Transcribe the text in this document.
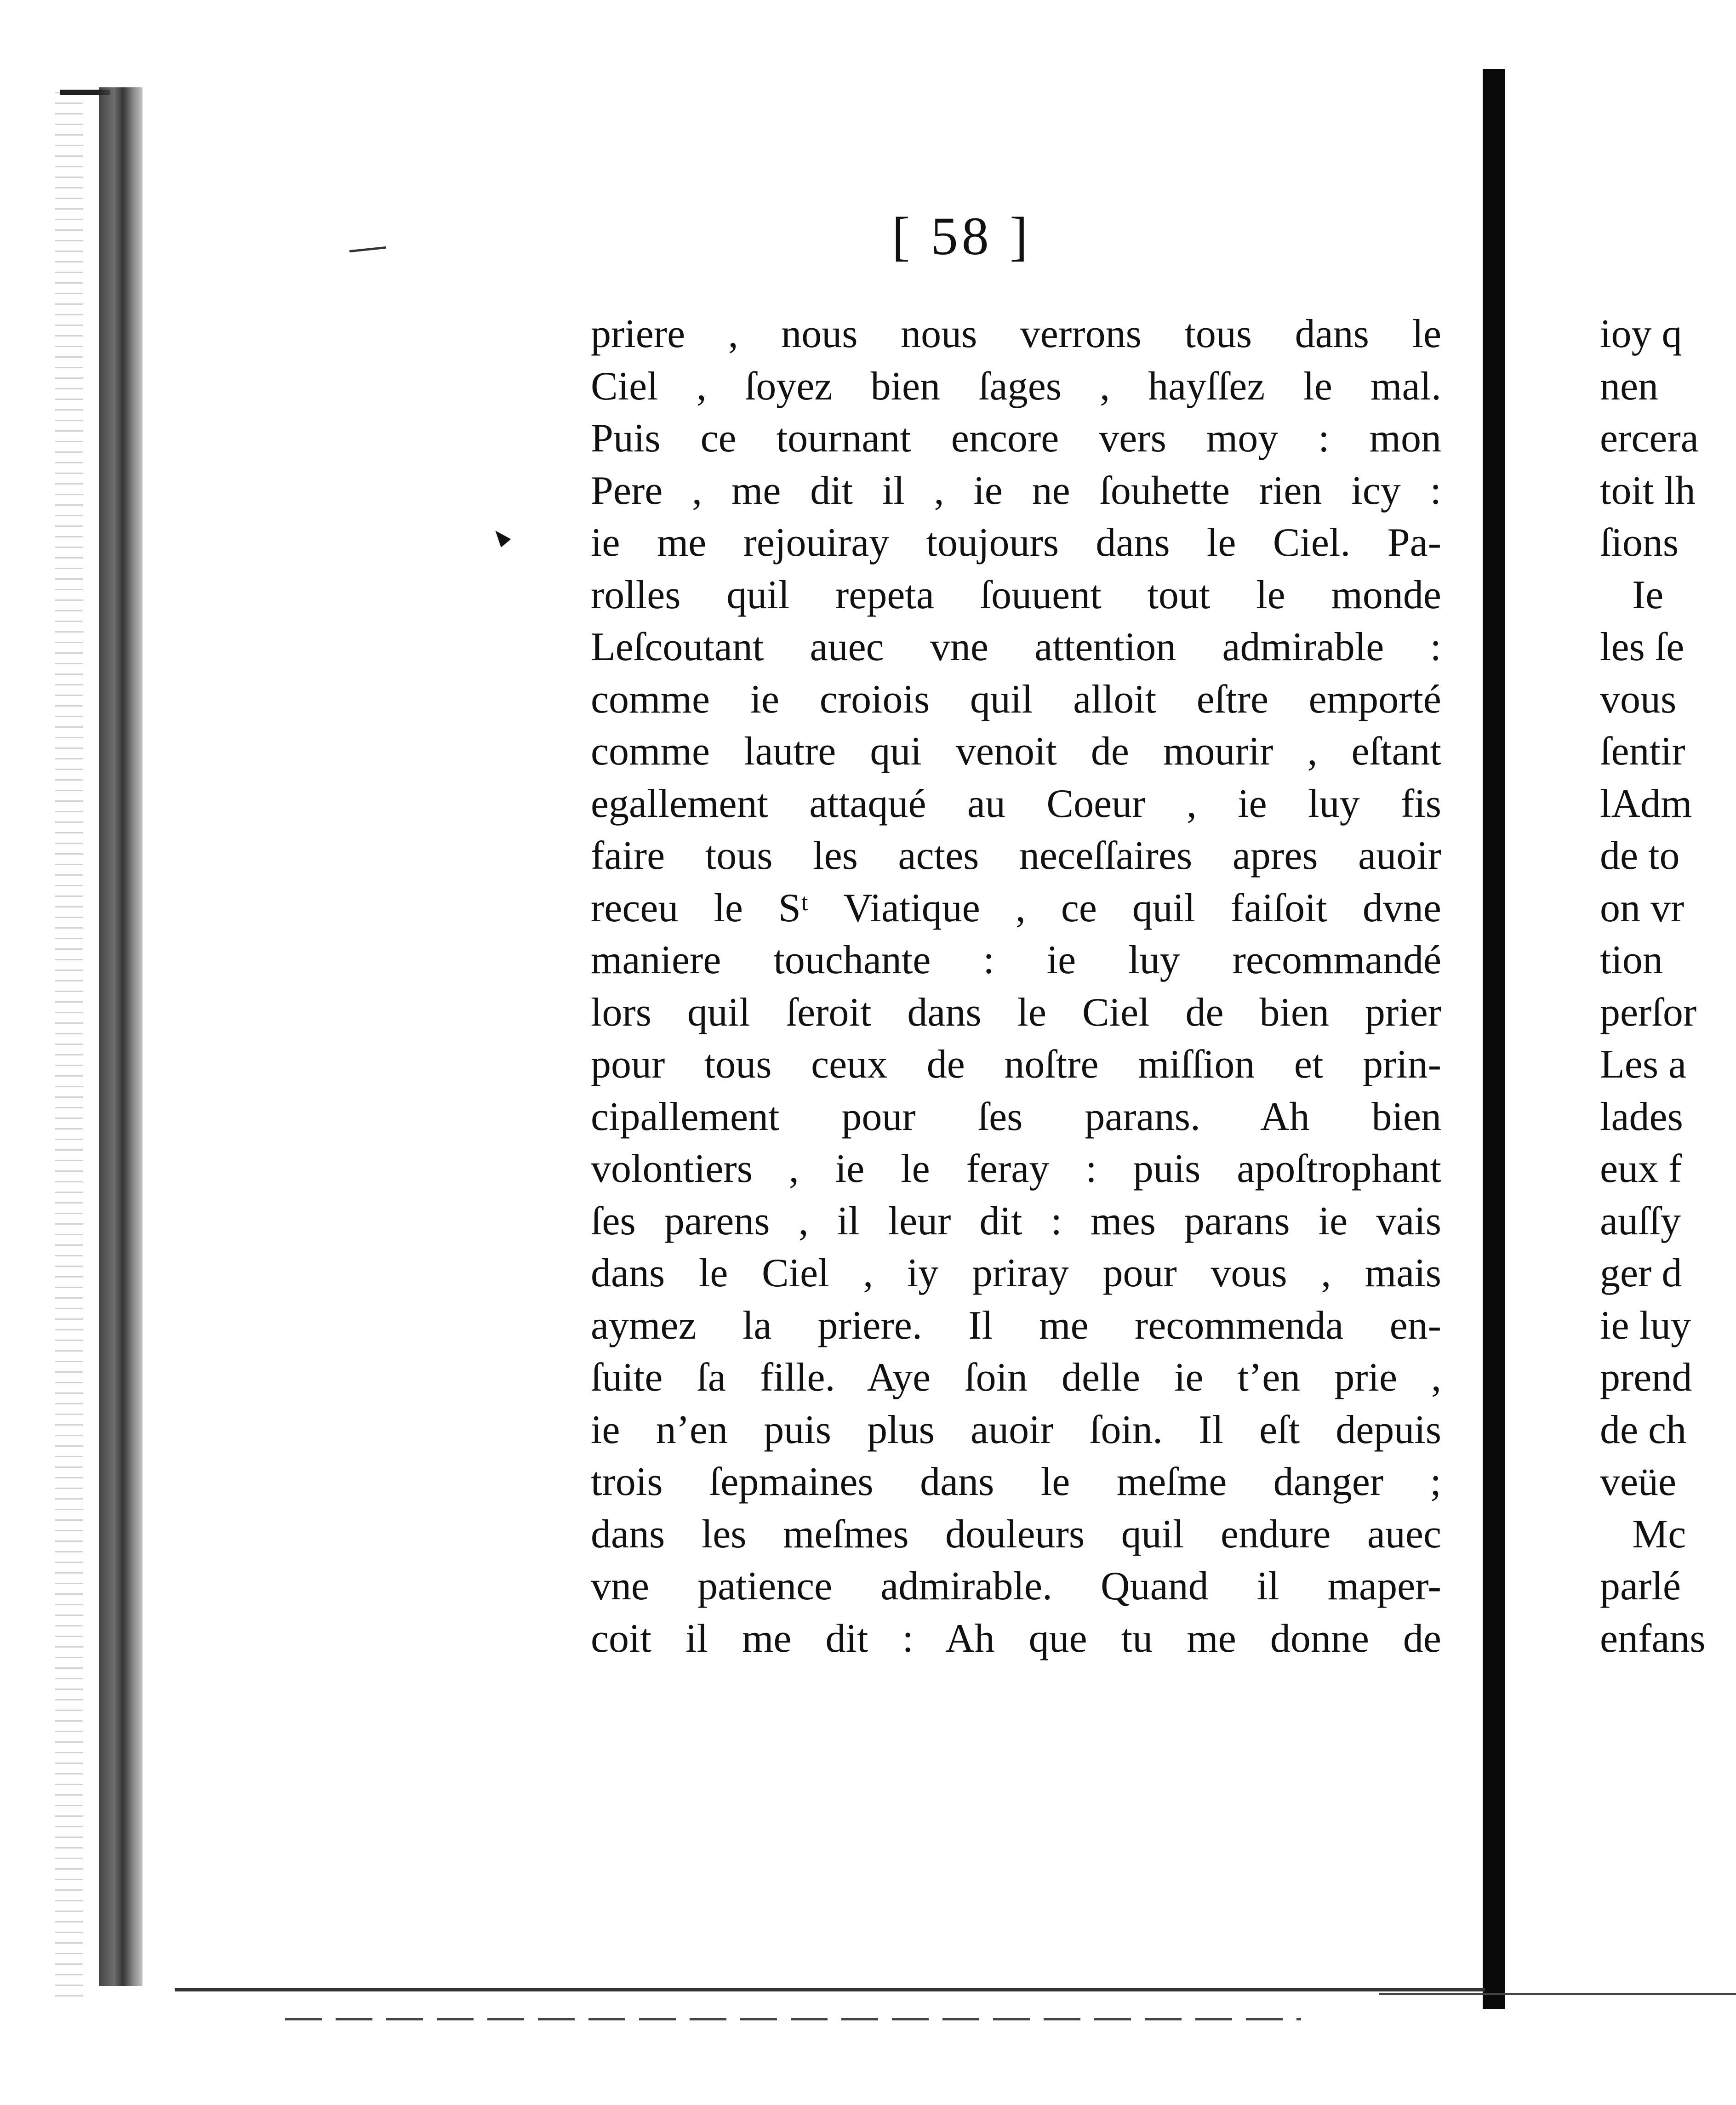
[ 58 ]
priere , nous nous verrons tous dans le
Ciel , ſoyez bien ſages , hayſſez le mal.
Puis ce tournant encore vers moy : mon
Pere , me dit il , ie ne ſouhette rien icy :
ie me rejouiray toujours dans le Ciel. Pa-
rolles quil repeta ſouuent tout le monde
Leſcoutant auec vne attention admirable :
comme ie croiois quil alloit eſtre emporté
comme lautre qui venoit de mourir , eſtant
egallement attaqué au Coeur , ie luy fis
faire tous les actes neceſſaires apres auoir
receu le Sᵗ Viatique , ce quil faiſoit dvne
maniere touchante : ie luy recommandé
lors quil ſeroit dans le Ciel de bien prier
pour tous ceux de noſtre miſſion et prin-
cipallement pour ſes parans. Ah bien
volontiers , ie le feray : puis apoſtrophant
ſes parens , il leur dit : mes parans ie vais
dans le Ciel , iy priray pour vous , mais
aymez la priere. Il me recommenda en-
ſuite ſa fille. Aye ſoin delle ie t’en prie ,
ie n’en puis plus auoir ſoin. Il eſt depuis
trois ſepmaines dans le meſme danger ;
dans les meſmes douleurs quil endure auec
vne patience admirable. Quand il maper-
coit il me dit : Ah que tu me donne de
ioy q
nen
ercera
toit lh
ſions
Ie
les ſe
vous
ſentir
lAdm
de to
on vr
tion
perſor
Les a
lades
eux f
auſſy
ger d
ie luy
prend
de ch
veüe
Mc
parlé
enfans
